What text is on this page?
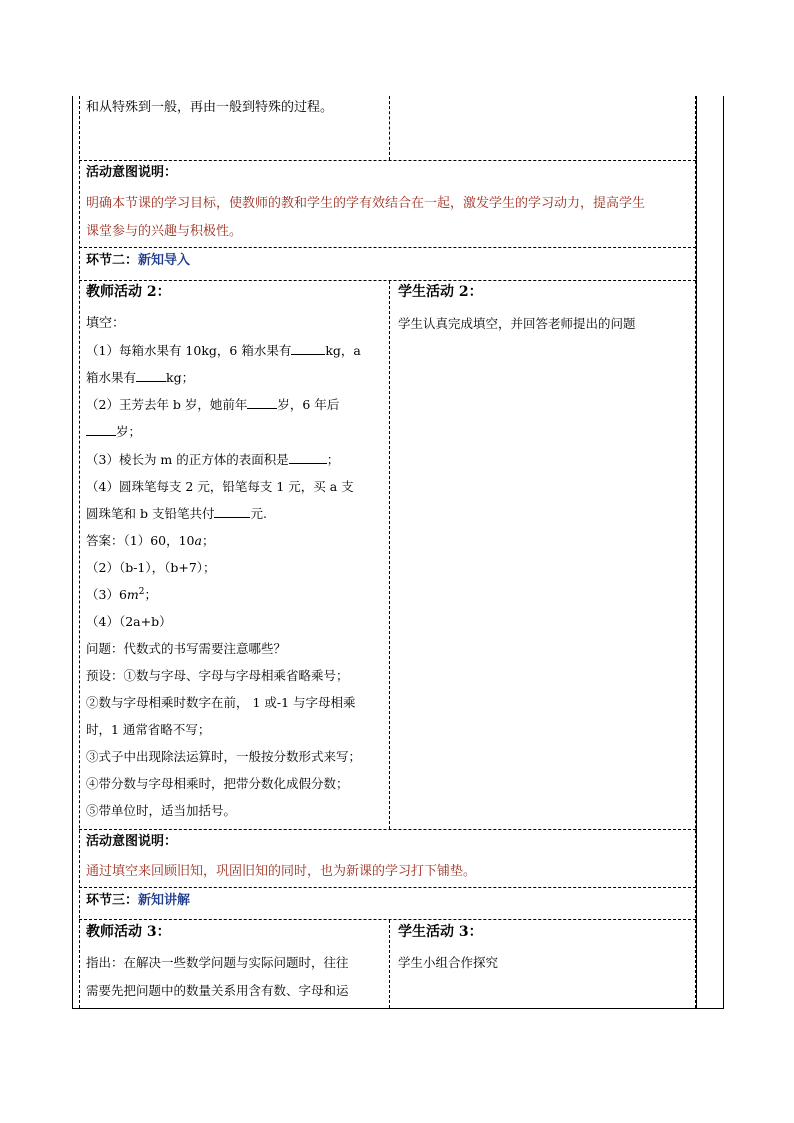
和从特殊到一般，再由一般到特殊的过程。
活动意图说明：
明确本节课的学习目标，使教师的教和学生的学有效结合在一起，激发学生的学习动力，提高学生
课堂参与的兴趣与积极性。
环节二：新知导入
教师活动 2：
填空：
（1）每箱水果有 10kg，6 箱水果有	kg，a
箱水果有 kg；
（2）王芳去年 b 岁，她前年 岁，6 年后
岁；
（3）棱长为 m 的正方体的表面积是	；
（4）圆珠笔每支 2 元，铅笔每支 1 元，买 a 支
圆珠笔和 b 支铅笔共付	元.
答案：（1）60，10a；
（2）（b-1），（b+7）；
$(3)6m^2$；
（4）（2a+b）
问题：代数式的书写需要注意哪些？
预设：①数与字母、字母与字母相乘省略乘号；
②数与字母相乘时数字在前， 1 或-1 与字母相乘
时，1 通常省略不写；
③式子中出现除法运算时，一般按分数形式来写；
④带分数与字母相乘时，把带分数化成假分数；
⑤带单位时，适当加括号。
学生活动 2：
学生认真完成填空，并回答老师提出的问题
活动意图说明：
通过填空来回顾旧知，巩固旧知的同时，也为新课的学习打下铺垫。
环节三：新知讲解
教师活动 3：
指出：在解决一些数学问题与实际问题时，往往
需要先把问题中的数量关系用含有数、字母和运
学生活动 3：
学生小组合作探究
